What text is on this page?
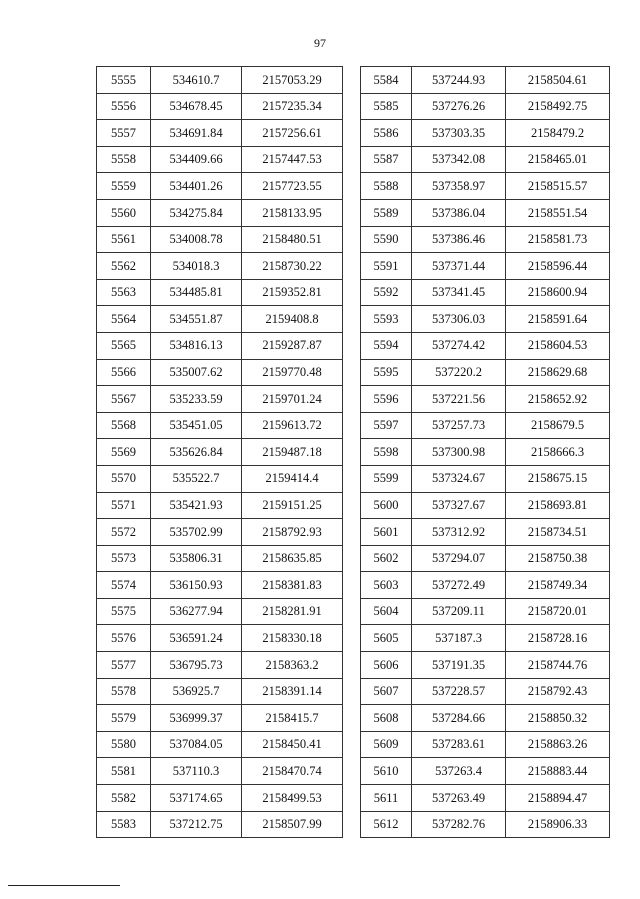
97
5555	534610.7	2157053.29
5556	534678.45	2157235.34
5557	534691.84	2157256.61
5558	534409.66	2157447.53
5559	534401.26	2157723.55
5560	534275.84	2158133.95
5561	534008.78	2158480.51
5562	534018.3	2158730.22
5563	534485.81	2159352.81
5564	534551.87	2159408.8
5565	534816.13	2159287.87
5566	535007.62	2159770.48
5567	535233.59	2159701.24
5568	535451.05	2159613.72
5569	535626.84	2159487.18
5570	535522.7	2159414.4
5571	535421.93	2159151.25
5572	535702.99	2158792.93
5573	535806.31	2158635.85
5574	536150.93	2158381.83
5575	536277.94	2158281.91
5576	536591.24	2158330.18
5577	536795.73	2158363.2
5578	536925.7	2158391.14
5579	536999.37	2158415.7
5580	537084.05	2158450.41
5581	537110.3	2158470.74
5582	537174.65	2158499.53
5583	537212.75	2158507.99
5584	537244.93	2158504.61
5585	537276.26	2158492.75
5586	537303.35	2158479.2
5587	537342.08	2158465.01
5588	537358.97	2158515.57
5589	537386.04	2158551.54
5590	537386.46	2158581.73
5591	537371.44	2158596.44
5592	537341.45	2158600.94
5593	537306.03	2158591.64
5594	537274.42	2158604.53
5595	537220.2	2158629.68
5596	537221.56	2158652.92
5597	537257.73	2158679.5
5598	537300.98	2158666.3
5599	537324.67	2158675.15
5600	537327.67	2158693.81
5601	537312.92	2158734.51
5602	537294.07	2158750.38
5603	537272.49	2158749.34
5604	537209.11	2158720.01
5605	537187.3	2158728.16
5606	537191.35	2158744.76
5607	537228.57	2158792.43
5608	537284.66	2158850.32
5609	537283.61	2158863.26
5610	537263.4	2158883.44
5611	537263.49	2158894.47
5612	537282.76	2158906.33
